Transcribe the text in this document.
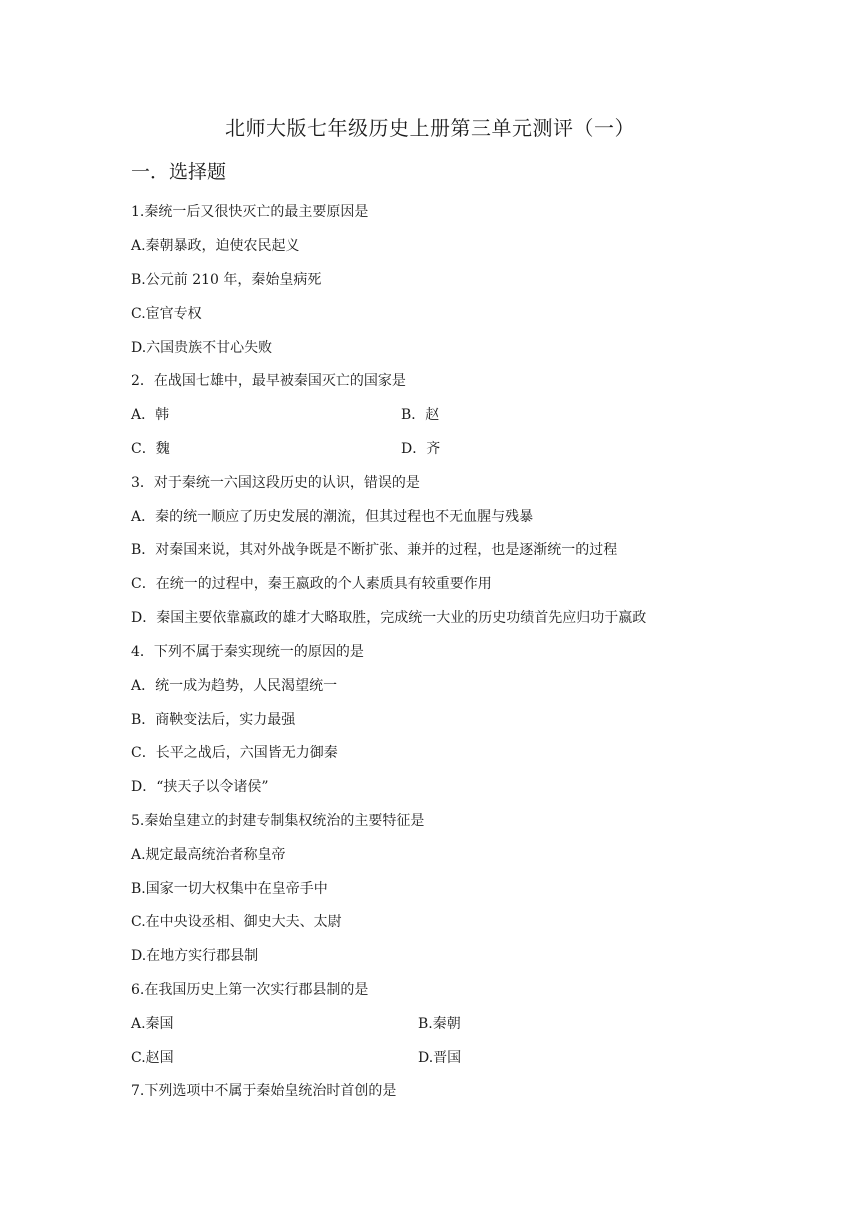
北师大版七年级历史上册第三单元测评（一）
一．选择题
1.秦统一后又很快灭亡的最主要原因是
A.秦朝暴政，迫使农民起义
B.公元前 210 年，秦始皇病死
C.宦官专权
D.六国贵族不甘心失败
2．在战国七雄中，最早被秦国灭亡的国家是
A．韩	B．赵
C．魏	D．齐
3．对于秦统一六国这段历史的认识，错误的是
A．秦的统一顺应了历史发展的潮流，但其过程也不无血腥与残暴
B．对秦国来说，其对外战争既是不断扩张、兼并的过程，也是逐渐统一的过程
C．在统一的过程中，秦王嬴政的个人素质具有较重要作用
D．秦国主要依靠嬴政的雄才大略取胜，完成统一大业的历史功绩首先应归功于嬴政
4．下列不属于秦实现统一的原因的是
A．统一成为趋势，人民渴望统一
B．商鞅变法后，实力最强
C．长平之战后，六国皆无力御秦
D．“挟天子以令诸侯”
5.秦始皇建立的封建专制集权统治的主要特征是
A.规定最高统治者称皇帝
B.国家一切大权集中在皇帝手中
C.在中央设丞相、御史大夫、太尉
D.在地方实行郡县制
6.在我国历史上第一次实行郡县制的是
A.秦国	B.秦朝
C.赵国	D.晋国
7.下列选项中不属于秦始皇统治时首创的是
